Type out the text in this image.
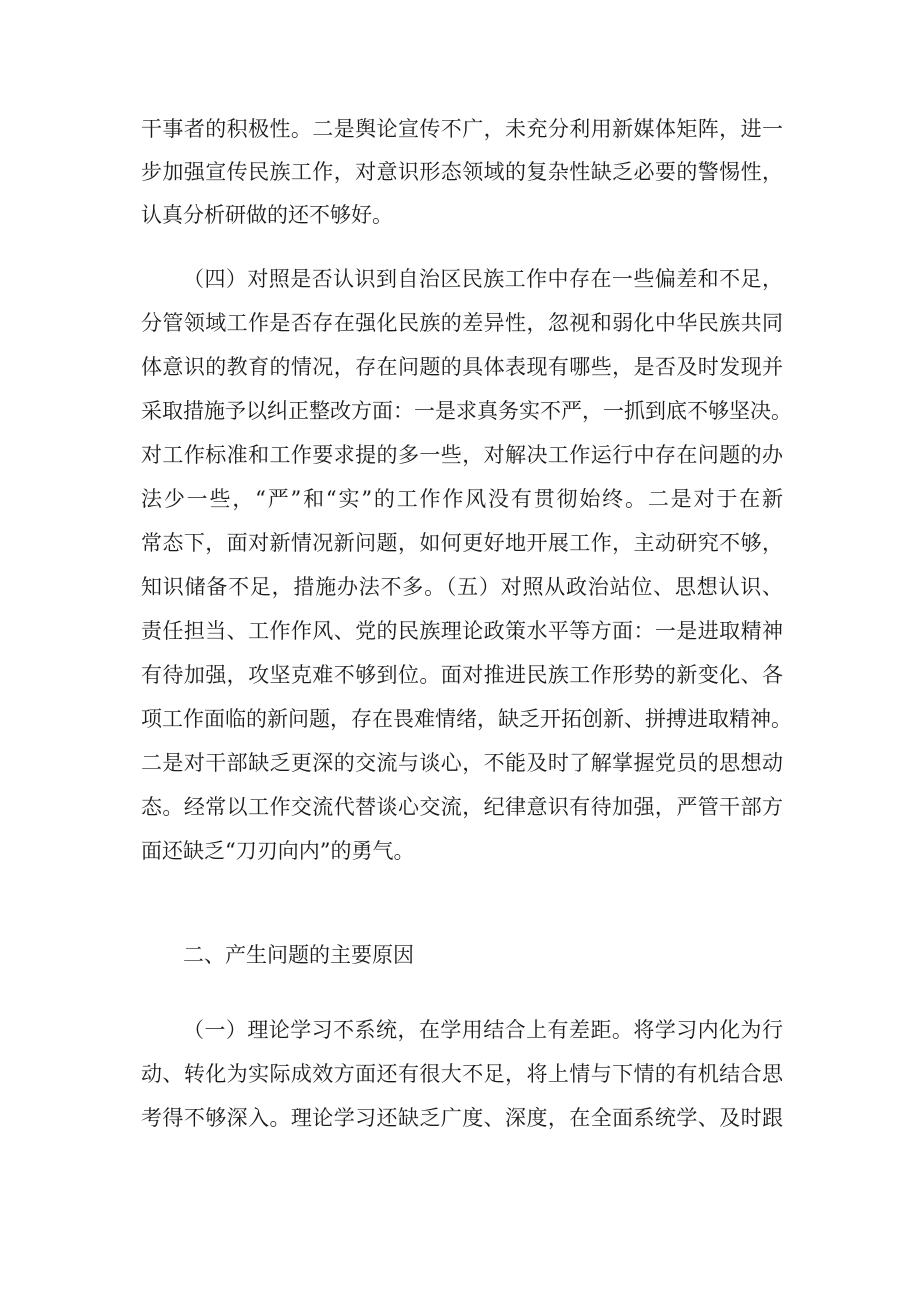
干事者的积极性。二是舆论宣传不广，未充分利用新媒体矩阵，进一
步加强宣传民族工作，对意识形态领域的复杂性缺乏必要的警惕性，
认真分析研做的还不够好。
（四）对照是否认识到自治区民族工作中存在一些偏差和不足，
分管领域工作是否存在强化民族的差异性，忽视和弱化中华民族共同
体意识的教育的情况，存在问题的具体表现有哪些，是否及时发现并
采取措施予以纠正整改方面：一是求真务实不严，一抓到底不够坚决。
对工作标准和工作要求提的多一些，对解决工作运行中存在问题的办
法少一些，“严”和“实”的工作作风没有贯彻始终。二是对于在新
常态下，面对新情况新问题，如何更好地开展工作，主动研究不够，
知识储备不足，措施办法不多。（五）对照从政治站位、思想认识、
责任担当、工作作风、党的民族理论政策水平等方面：一是进取精神
有待加强，攻坚克难不够到位。面对推进民族工作形势的新变化、各
项工作面临的新问题，存在畏难情绪，缺乏开拓创新、拼搏进取精神。
二是对干部缺乏更深的交流与谈心，不能及时了解掌握党员的思想动
态。经常以工作交流代替谈心交流，纪律意识有待加强，严管干部方
面还缺乏“刀刃向内”的勇气。
二、产生问题的主要原因
（一）理论学习不系统，在学用结合上有差距。将学习内化为行
动、转化为实际成效方面还有很大不足，将上情与下情的有机结合思
考得不够深入。理论学习还缺乏广度、深度，在全面系统学、及时跟
